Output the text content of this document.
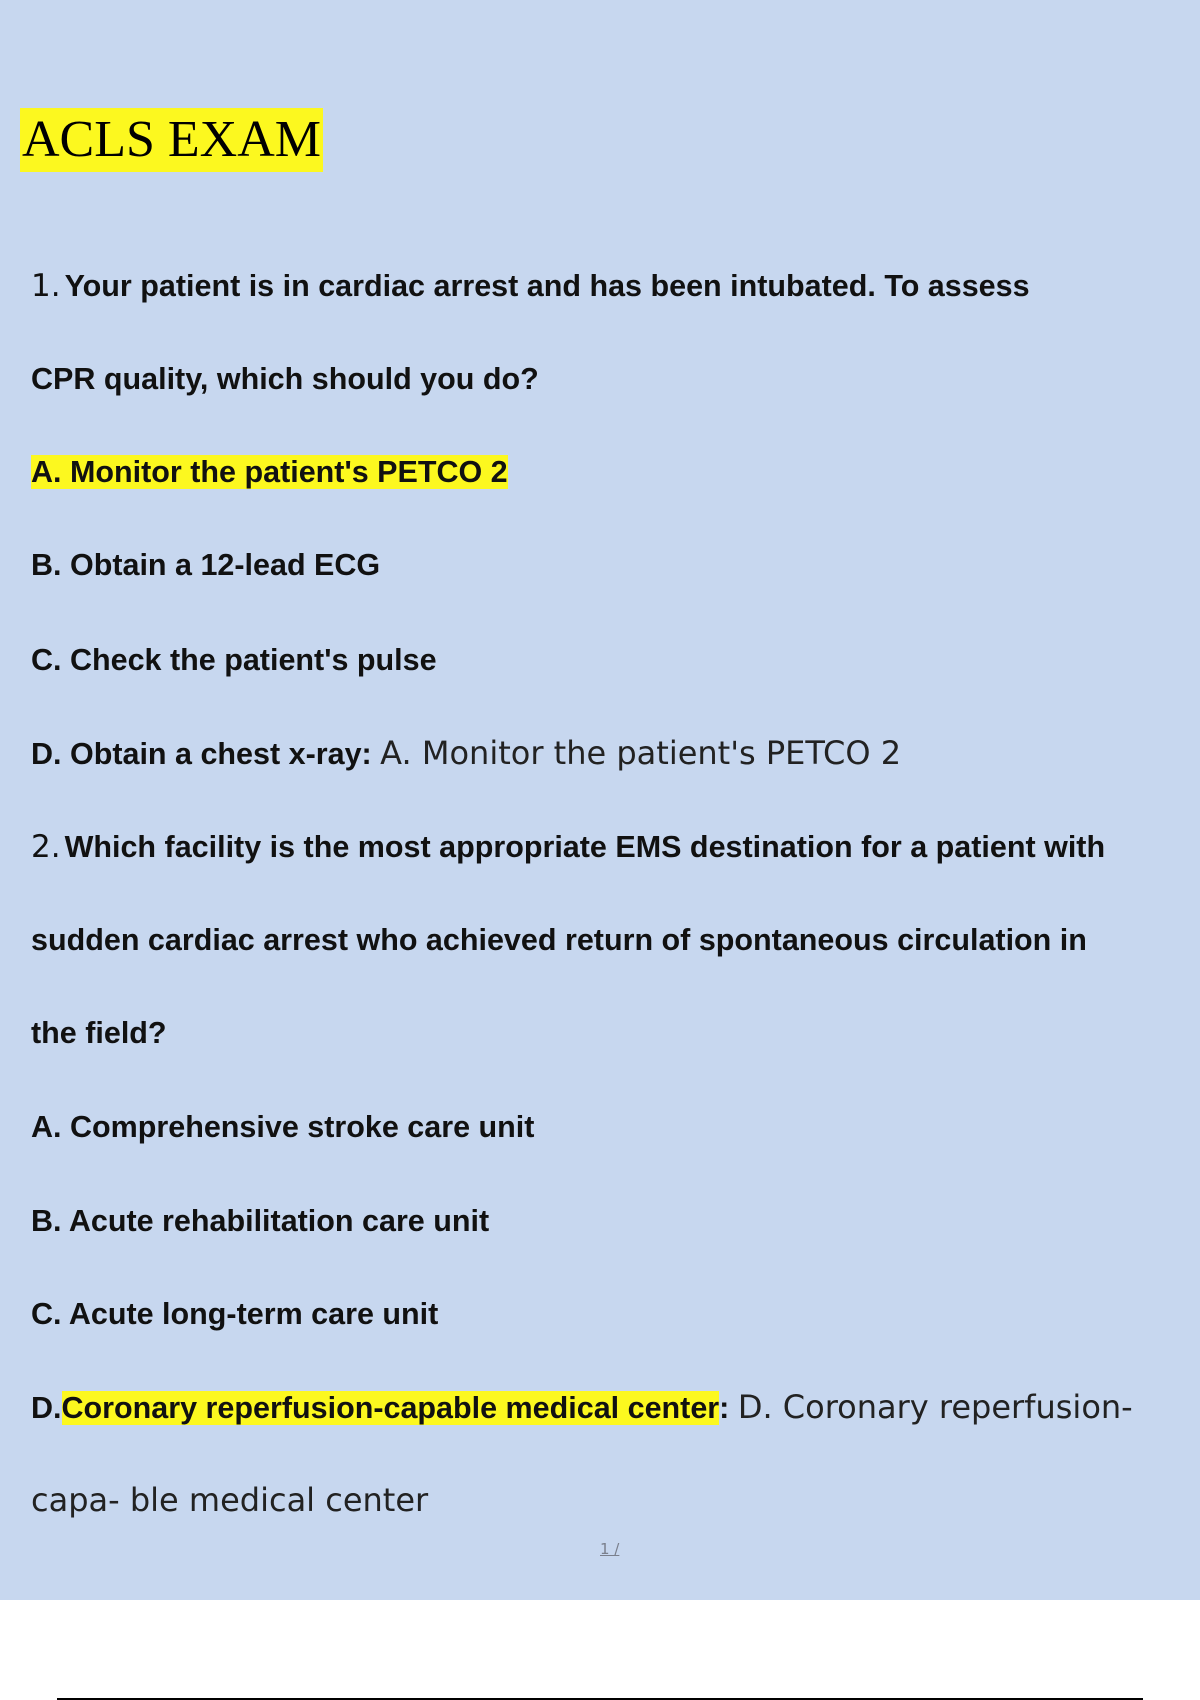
ACLS EXAM
1. Your patient is in cardiac arrest and has been intubated. To assess
CPR quality, which should you do?
A. Monitor the patient's PETCO 2
B. Obtain a 12-lead ECG
C. Check the patient's pulse
D. Obtain a chest x-ray: A. Monitor the patient's PETCO 2
2. Which facility is the most appropriate EMS destination for a patient with
sudden cardiac arrest who achieved return of spontaneous circulation in
the field?
A. Comprehensive stroke care unit
B. Acute rehabilitation care unit
C. Acute long-term care unit
D.Coronary reperfusion-capable medical center: D. Coronary reperfusion-
capa- ble medical center
1 /
